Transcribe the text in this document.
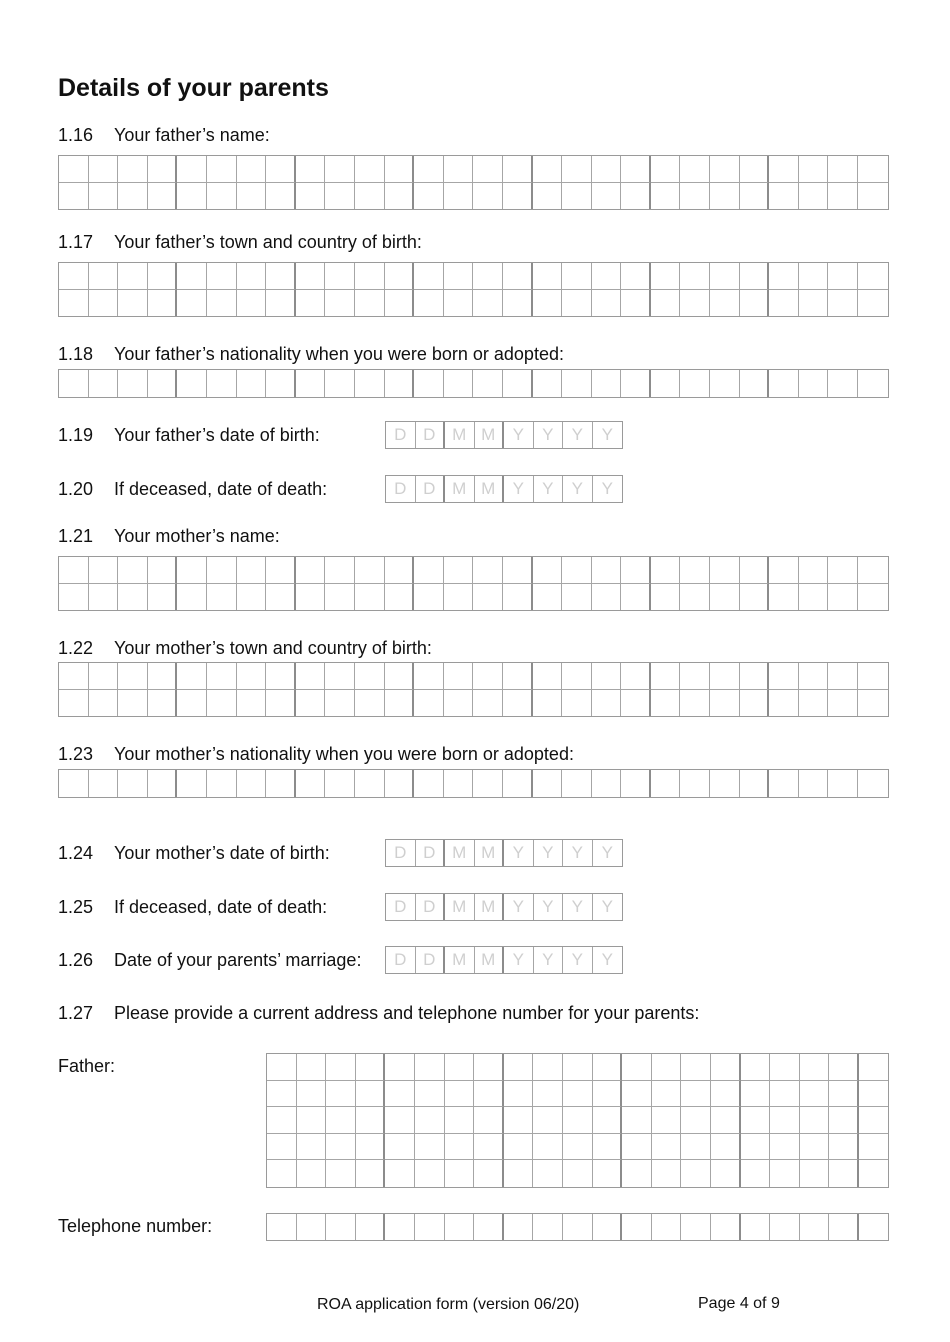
Details of your parents
1.16 Your father’s name:
1.17 Your father’s town and country of birth:
1.18 Your father’s nationality when you were born or adopted:
1.19 Your father’s date of birth:	D D M M	Y	Y	Y	Y
1.20 If deceased, date of death:	D D M M	Y	Y	Y	Y
1.21 Your mother’s name:
1.22 Your mother’s town and country of birth:
1.23 Your mother’s nationality when you were born or adopted:
1.24 Your mother’s date of birth:	D D M M	Y	Y	Y	Y
1.25 If deceased, date of death:	D D M M	Y	Y	Y	Y
1.26 Date of your parents’ marriage:	D D M M	Y	Y	Y	Y
1.27 Please provide a current address and telephone number for your parents:
Father:
Telephone number:
ROA application form (version 06/20)	Page 4 of 9
